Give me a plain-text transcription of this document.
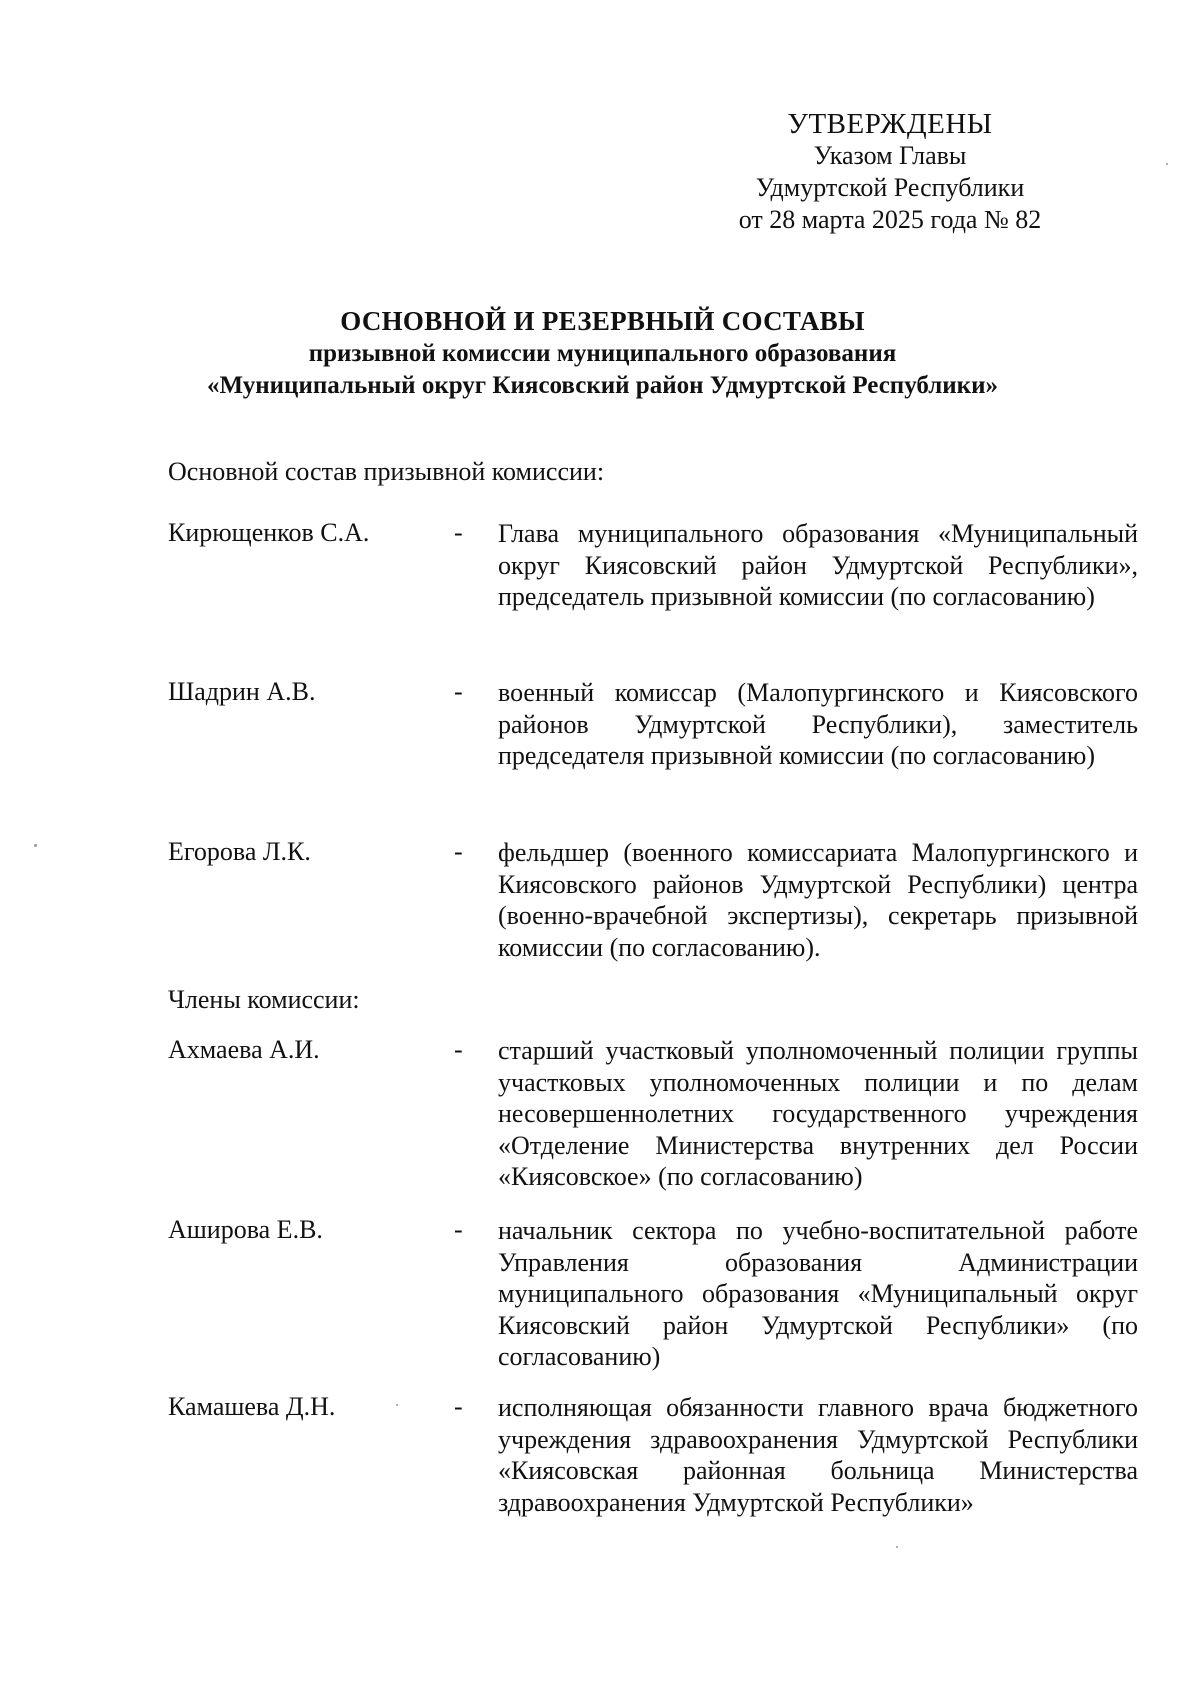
УТВЕРЖДЕНЫ
Указом Главы
Удмуртской Республики
от 28 марта 2025 года № 82
ОСНОВНОЙ И РЕЗЕРВНЫЙ СОСТАВЫ
призывной комиссии муниципального образования
«Муниципальный округ Киясовский район Удмуртской Республики»
Основной состав призывной комиссии:
Кирющенков С.А.	- Глава муниципального образования «Муниципальный округ Киясовский район Удмуртской Республики», председатель призывной комиссии (по согласованию)
Шадрин А.В.	- военный комиссар (Малопургинского и Киясовского районов Удмуртской Республики), заместитель председателя призывной комиссии (по согласованию)
Егорова Л.К.	- фельдшер (военного комиссариата Малопургинского и Киясовского районов Удмуртской Республики) центра (военно-врачебной экспертизы), секретарь призывной комиссии (по согласованию).
Члены комиссии:
Ахмаева А.И.	- старший участковый уполномоченный полиции группы участковых уполномоченных полиции и по делам несовершеннолетних государственного учреждения «Отделение Министерства внутренних дел России «Киясовское» (по согласованию)
Аширова Е.В.	- начальник сектора по учебно-воспитательной работе Управления образования Администрации муниципального образования «Муниципальный округ Киясовский район Удмуртской Республики» (по согласованию)
Камашева Д.Н.	- исполняющая обязанности главного врача бюджетного учреждения здравоохранения Удмуртской Республики «Киясовская районная больница Министерства здравоохранения Удмуртской Республики»
